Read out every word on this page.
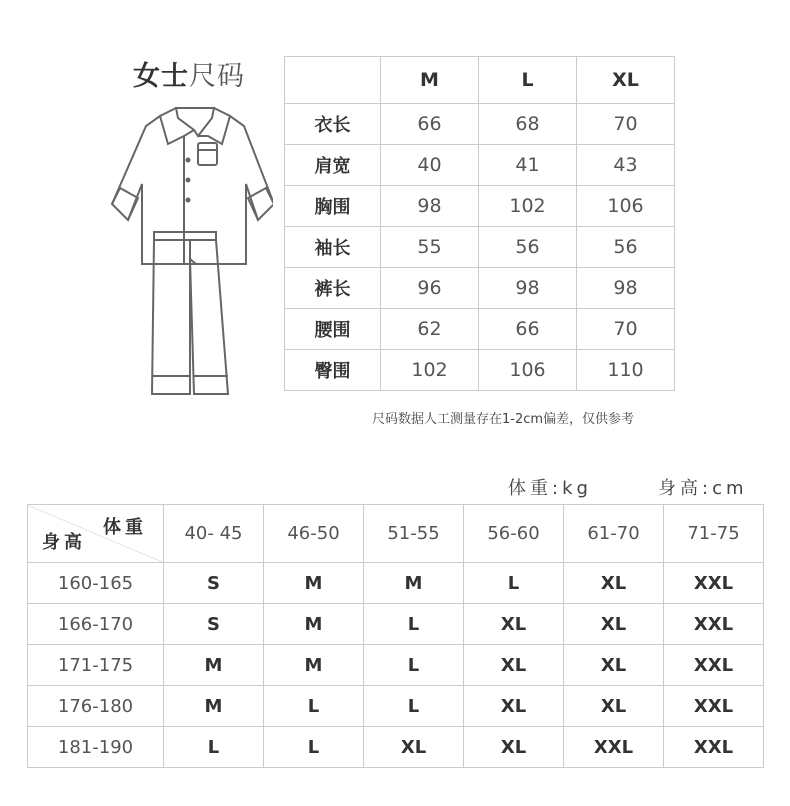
女士尺码
		M	L	XL
衣长	66	68	70
肩宽	40	41	43
胸围	98	102	106
袖长	55	56	56
裤长	96	98	98
腰围	62	66	70
臀围	102	106	110
尺码数据人工测量存在1-2cm偏差，仅供参考
体重:kg	身高:cm
体重
身高	40- 45	46-50	51-55	56-60	61-70	71-75
160-165	S	M	M	L	XL	XXL
166-170	S	M	L	XL	XL	XXL
171-175	M	M	L	XL	XL	XXL
176-180	M	L	L	XL	XL	XXL
181-190	L	L	XL	XL	XXL	XXL
